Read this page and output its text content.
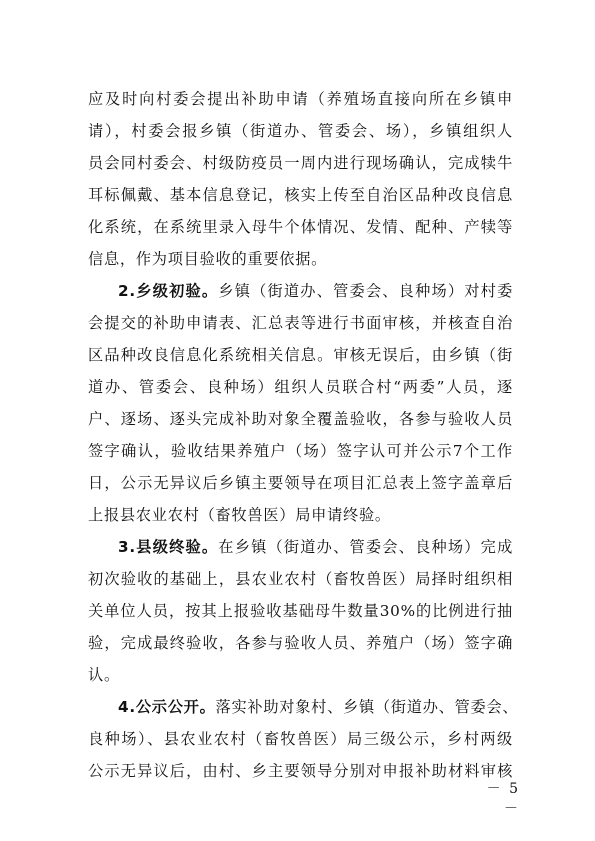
应及时向村委会提出补助申请（养殖场直接向所在乡镇申
请），村委会报乡镇（街道办、管委会、场），乡镇组织人
员会同村委会、村级防疫员一周内进行现场确认，完成犊牛
耳标佩戴、基本信息登记，核实上传至自治区品种改良信息
化系统，在系统里录入母牛个体情况、发情、配种、产犊等
信息，作为项目验收的重要依据。
2.乡级初验。乡镇（街道办、管委会、良种场）对村委
会提交的补助申请表、汇总表等进行书面审核，并核查自治
区品种改良信息化系统相关信息。审核无误后，由乡镇（街
道办、管委会、良种场）组织人员联合村“两委”人员，逐
户、逐场、逐头完成补助对象全覆盖验收，各参与验收人员
签字确认，验收结果养殖户（场）签字认可并公示7个工作
日，公示无异议后乡镇主要领导在项目汇总表上签字盖章后
上报县农业农村（畜牧兽医）局申请终验。
3.县级终验。在乡镇（街道办、管委会、良种场）完成
初次验收的基础上，县农业农村（畜牧兽医）局择时组织相
关单位人员，按其上报验收基础母牛数量30%的比例进行抽
验，完成最终验收，各参与验收人员、养殖户（场）签字确
认。
4.公示公开。落实补助对象村、乡镇（街道办、管委会、
良种场）、县农业农村（畜牧兽医）局三级公示，乡村两级
公示无异议后，由村、乡主要领导分别对申报补助材料审核
－ 5 －
